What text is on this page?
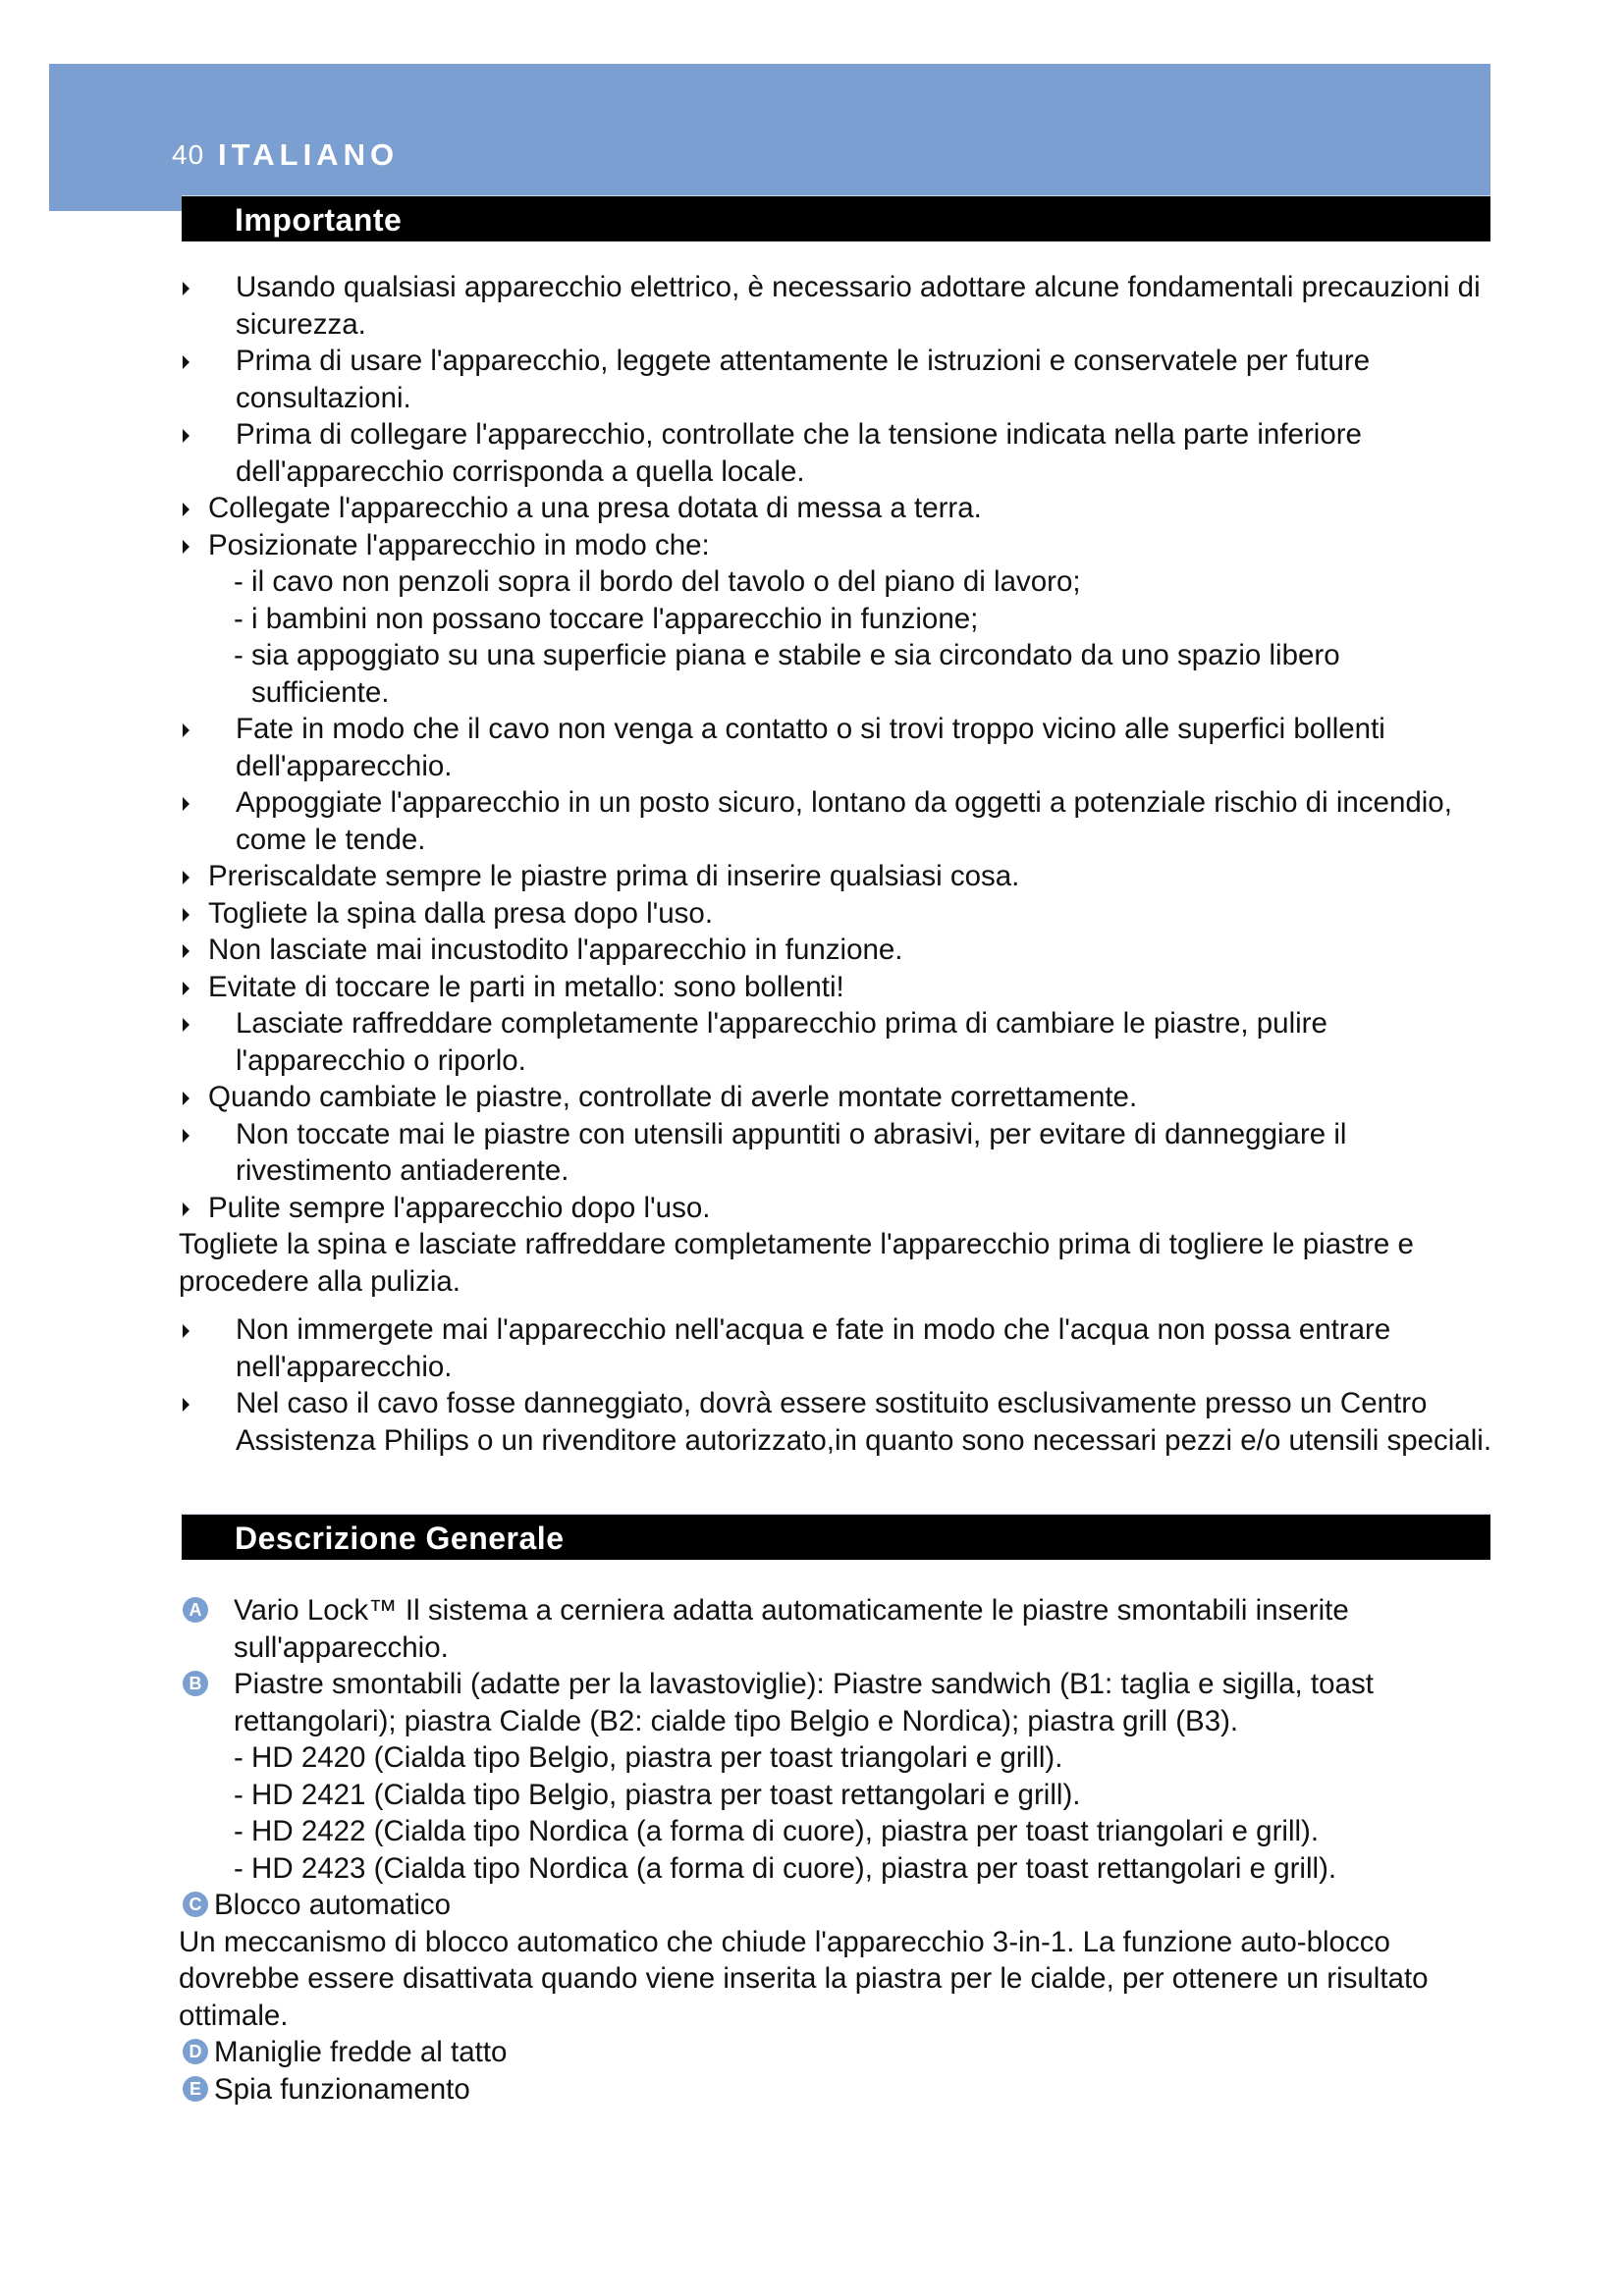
40 ITALIANO
Importante
Usando qualsiasi apparecchio elettrico, è necessario adottare alcune fondamentali precauzioni di sicurezza.
Prima di usare l'apparecchio, leggete attentamente le istruzioni e conservatele per future consultazioni.
Prima di collegare l'apparecchio, controllate che la tensione indicata nella parte inferiore dell'apparecchio corrisponda a quella locale.
Collegate l'apparecchio a una presa dotata di messa a terra.
Posizionate l'apparecchio in modo che:
- il cavo non penzoli sopra il bordo del tavolo o del piano di lavoro;
- i bambini non possano toccare l'apparecchio in funzione;
- sia appoggiato su una superficie piana e stabile e sia circondato da uno spazio libero
sufficiente.
Fate in modo che il cavo non venga a contatto o si trovi troppo vicino alle superfici bollenti dell'apparecchio.
Appoggiate l'apparecchio in un posto sicuro, lontano da oggetti a potenziale rischio di incendio, come le tende.
Preriscaldate sempre le piastre prima di inserire qualsiasi cosa.
Togliete la spina dalla presa dopo l'uso.
Non lasciate mai incustodito l'apparecchio in funzione.
Evitate di toccare le parti in metallo: sono bollenti!
Lasciate raffreddare completamente l'apparecchio prima di cambiare le piastre, pulire l'apparecchio o riporlo.
Quando cambiate le piastre, controllate di averle montate correttamente.
Non toccate mai le piastre con utensili appuntiti o abrasivi, per evitare di danneggiare il rivestimento antiaderente.
Pulite sempre l'apparecchio dopo l'uso.
Togliete la spina e lasciate raffreddare completamente l'apparecchio prima di togliere le piastre e procedere alla pulizia.
Non immergete mai l'apparecchio nell'acqua e fate in modo che l'acqua non possa entrare nell'apparecchio.
Nel caso il cavo fosse danneggiato, dovrà essere sostituito esclusivamente presso un Centro Assistenza Philips o un rivenditore autorizzato,in quanto sono necessari pezzi e/o utensili speciali.
Descrizione Generale
A Vario Lock™ Il sistema a cerniera adatta automaticamente le piastre smontabili inserite sull'apparecchio.
B Piastre smontabili (adatte per la lavastoviglie): Piastre sandwich (B1: taglia e sigilla, toast rettangolari); piastra Cialde (B2: cialde tipo Belgio e Nordica); piastra grill (B3).
- HD 2420 (Cialda tipo Belgio, piastra per toast triangolari e grill).
- HD 2421 (Cialda tipo Belgio, piastra per toast rettangolari e grill).
- HD 2422 (Cialda tipo Nordica (a forma di cuore), piastra per toast triangolari e grill).
- HD 2423 (Cialda tipo Nordica (a forma di cuore), piastra per toast rettangolari e grill).
C Blocco automatico
Un meccanismo di blocco automatico che chiude l'apparecchio 3-in-1. La funzione auto-blocco dovrebbe essere disattivata quando viene inserita la piastra per le cialde, per ottenere un risultato ottimale.
D Maniglie fredde al tatto
E Spia funzionamento
